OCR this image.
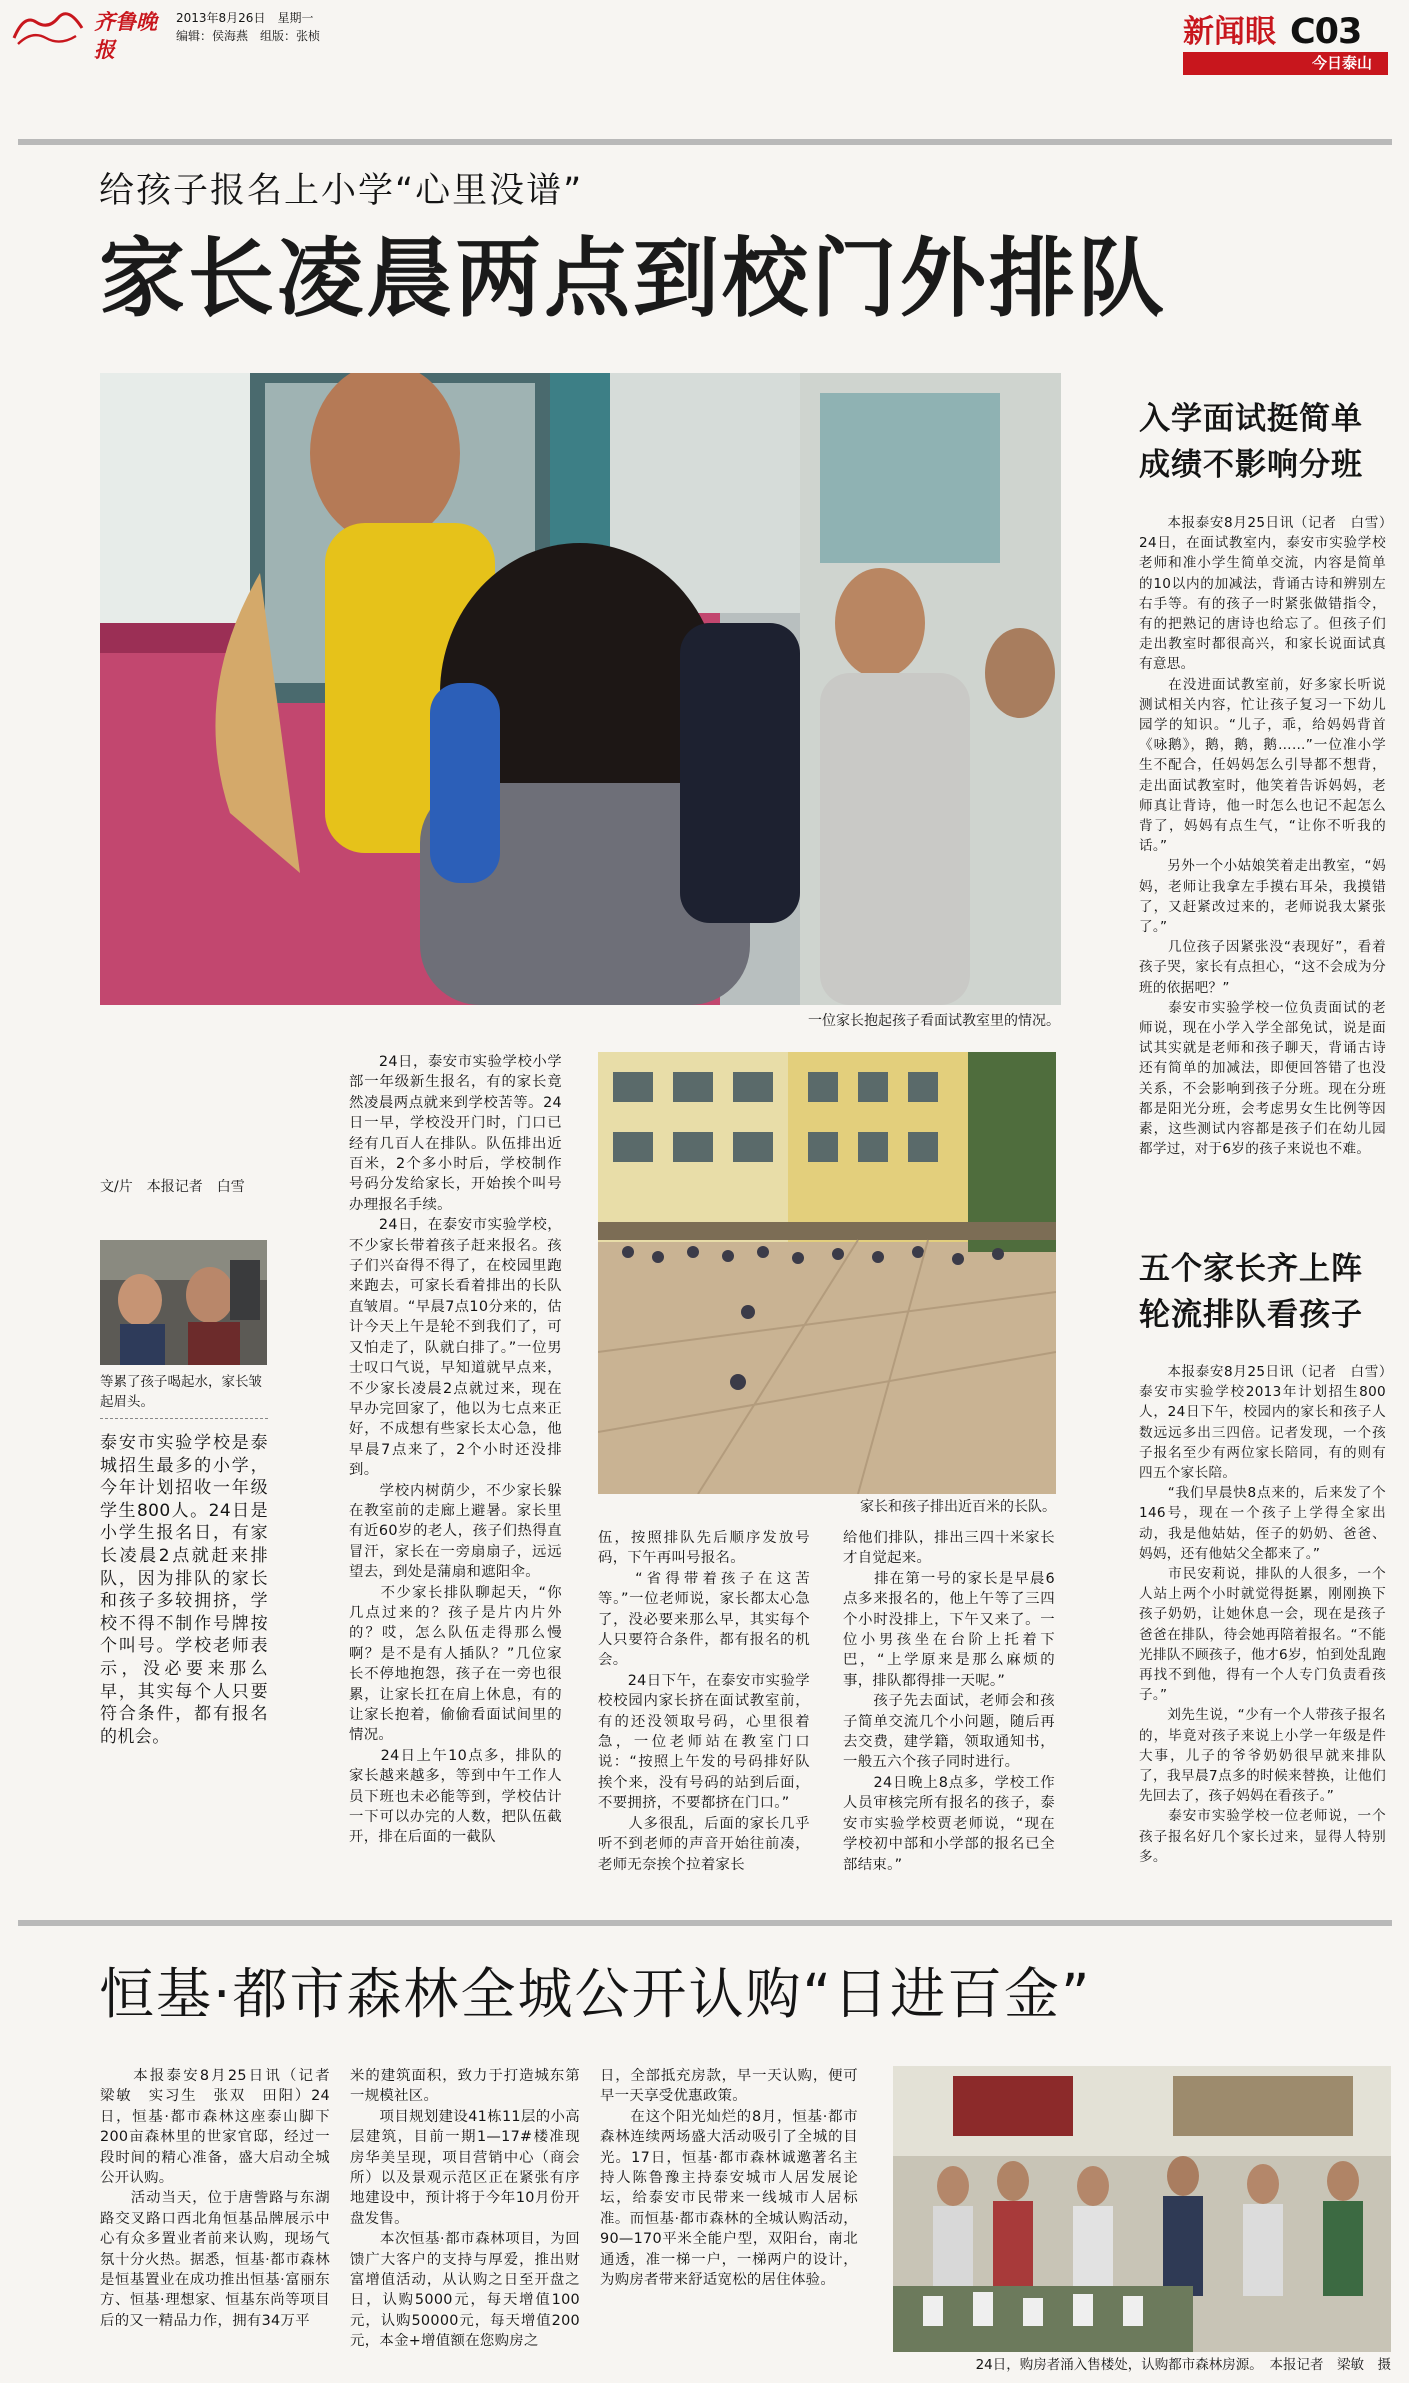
齐鲁晚报
2013年8月26日　星期一
编辑：侯海燕　组版：张桢	新闻眼 C03
今日泰山
给孩子报名上小学“心里没谱”
家长凌晨两点到校门外排队
一位家长抱起孩子看面试教室里的情况。
文/片　本报记者　白雪
等累了孩子喝起水，家长皱起眉头。
泰安市实验学校是泰城招生最多的小学，今年计划招收一年级学生800人。24日是小学生报名日，有家长凌晨2点就赶来排队，因为排队的家长和孩子多较拥挤，学校不得不制作号牌按个叫号。学校老师表示，没必要来那么早，其实每个人只要符合条件，都有报名的机会。
　　24日，泰安市实验学校小学部一年级新生报名，有的家长竟然凌晨两点就来到学校苦等。24日一早，学校没开门时，门口已经有几百人在排队。队伍排出近百米，2个多小时后，学校制作号码分发给家长，开始挨个叫号办理报名手续。
　　24日，在泰安市实验学校，不少家长带着孩子赶来报名。孩子们兴奋得不得了，在校园里跑来跑去，可家长看着排出的长队直皱眉。“早晨7点10分来的，估计今天上午是轮不到我们了，可又怕走了，队就白排了。”一位男士叹口气说，早知道就早点来，不少家长凌晨2点就过来，现在早办完回家了，他以为七点来正好，不成想有些家长太心急，他早晨7点来了，2个小时还没排到。
　　学校内树荫少，不少家长躲在教室前的走廊上避暑。家长里有近60岁的老人，孩子们热得直冒汗，家长在一旁扇扇子，远远望去，到处是蒲扇和遮阳伞。
　　不少家长排队聊起天，“你几点过来的？孩子是片内片外的？哎，怎么队伍走得那么慢啊？是不是有人插队？”几位家长不停地抱怨，孩子在一旁也很累，让家长扛在肩上休息，有的让家长抱着，偷偷看面试间里的情况。
　　24日上午10点多，排队的家长越来越多，等到中午工作人员下班也未必能等到，学校估计一下可以办完的人数，把队伍截开，排在后面的一截队
家长和孩子排出近百米的长队。
伍，按照排队先后顺序发放号码，下午再叫号报名。
　　“省得带着孩子在这苦等。”一位老师说，家长都太心急了，没必要来那么早，其实每个人只要符合条件，都有报名的机会。
　　24日下午，在泰安市实验学校校园内家长挤在面试教室前，有的还没领取号码，心里很着急，一位老师站在教室门口说：“按照上午发的号码排好队挨个来，没有号码的站到后面，不要拥挤，不要都挤在门口。”
　　人多很乱，后面的家长几乎听不到老师的声音开始往前凑，老师无奈挨个拉着家长
给他们排队，排出三四十米家长才自觉起来。
　　排在第一号的家长是早晨6点多来报名的，他上午等了三四个小时没排上，下午又来了。一位小男孩坐在台阶上托着下巴，“上学原来是那么麻烦的事，排队都得排一天呢。”
　　孩子先去面试，老师会和孩子简单交流几个小问题，随后再去交费，建学籍，领取通知书，一般五六个孩子同时进行。
　　24日晚上8点多，学校工作人员审核完所有报名的孩子，泰安市实验学校贾老师说，“现在学校初中部和小学部的报名已全部结束。”
入学面试挺简单
成绩不影响分班
　　本报泰安8月25日讯（记者　白雪）24日，在面试教室内，泰安市实验学校老师和准小学生简单交流，内容是简单的10以内的加减法，背诵古诗和辨别左右手等。有的孩子一时紧张做错指令，有的把熟记的唐诗也给忘了。但孩子们走出教室时都很高兴，和家长说面试真有意思。
　　在没进面试教室前，好多家长听说测试相关内容，忙让孩子复习一下幼儿园学的知识。“儿子，乖，给妈妈背首《咏鹅》，鹅，鹅，鹅……”一位准小学生不配合，任妈妈怎么引导都不想背，走出面试教室时，他笑着告诉妈妈，老师真让背诗，他一时怎么也记不起怎么背了，妈妈有点生气，“让你不听我的话。”
　　另外一个小姑娘笑着走出教室，“妈妈，老师让我拿左手摸右耳朵，我摸错了，又赶紧改过来的，老师说我太紧张了。”
　　几位孩子因紧张没“表现好”，看着孩子哭，家长有点担心，“这不会成为分班的依据吧？”
　　泰安市实验学校一位负责面试的老师说，现在小学入学全部免试，说是面试其实就是老师和孩子聊天，背诵古诗还有简单的加减法，即便回答错了也没关系，不会影响到孩子分班。现在分班都是阳光分班，会考虑男女生比例等因素，这些测试内容都是孩子们在幼儿园都学过，对于6岁的孩子来说也不难。
五个家长齐上阵
轮流排队看孩子
　　本报泰安8月25日讯（记者　白雪）泰安市实验学校2013年计划招生800人，24日下午，校园内的家长和孩子人数远远多出三四倍。记者发现，一个孩子报名至少有两位家长陪同，有的则有四五个家长陪。
　　“我们早晨快8点来的，后来发了个146号，现在一个孩子上学得全家出动，我是他姑姑，侄子的奶奶、爸爸、妈妈，还有他姑父全都来了。”
　　市民安莉说，排队的人很多，一个人站上两个小时就觉得挺累，刚刚换下孩子奶奶，让她休息一会，现在是孩子爸爸在排队，待会她再陪着报名。“不能光排队不顾孩子，他才6岁，怕到处乱跑再找不到他，得有一个人专门负责看孩子。”
　　刘先生说，“少有一个人带孩子报名的，毕竟对孩子来说上小学一年级是件大事，儿子的爷爷奶奶很早就来排队了，我早晨7点多的时候来替换，让他们先回去了，孩子妈妈在看孩子。”
　　泰安市实验学校一位老师说，一个孩子报名好几个家长过来，显得人特别多。
恒基·都市森林全城公开认购“日进百金”
　　本报泰安8月25日讯（记者　梁敏　实习生　张双　田阳）24日，恒基·都市森林这座泰山脚下200亩森林里的世家官邸，经过一段时间的精心准备，盛大启动全城公开认购。
　　活动当天，位于唐訾路与东湖路交叉路口西北角恒基品牌展示中心有众多置业者前来认购，现场气氛十分火热。据悉，恒基·都市森林是恒基置业在成功推出恒基·富丽东方、恒基·理想家、恒基东尚等项目后的又一精品力作，拥有34万平
米的建筑面积，致力于打造城东第一规模社区。
　　项目规划建设41栋11层的小高层建筑，目前一期1—17#楼准现房华美呈现，项目营销中心（商会所）以及景观示范区正在紧张有序地建设中，预计将于今年10月份开盘发售。
　　本次恒基·都市森林项目，为回馈广大客户的支持与厚爱，推出财富增值活动，从认购之日至开盘之日，认购5000元，每天增值100元，认购50000元，每天增值200元，本金+增值额在您购房之
日，全部抵充房款，早一天认购，便可早一天享受优惠政策。
　　在这个阳光灿烂的8月，恒基·都市森林连续两场盛大活动吸引了全城的目光。17日，恒基·都市森林诚邀著名主持人陈鲁豫主持泰安城市人居发展论坛，给泰安市民带来一线城市人居标准。而恒基·都市森林的全城认购活动，90—170平米全能户型，双阳台，南北通透，准一梯一户，一梯两户的设计，为购房者带来舒适宽松的居住体验。
24日，购房者涌入售楼处，认购都市森林房源。　本报记者　梁敏　摄
